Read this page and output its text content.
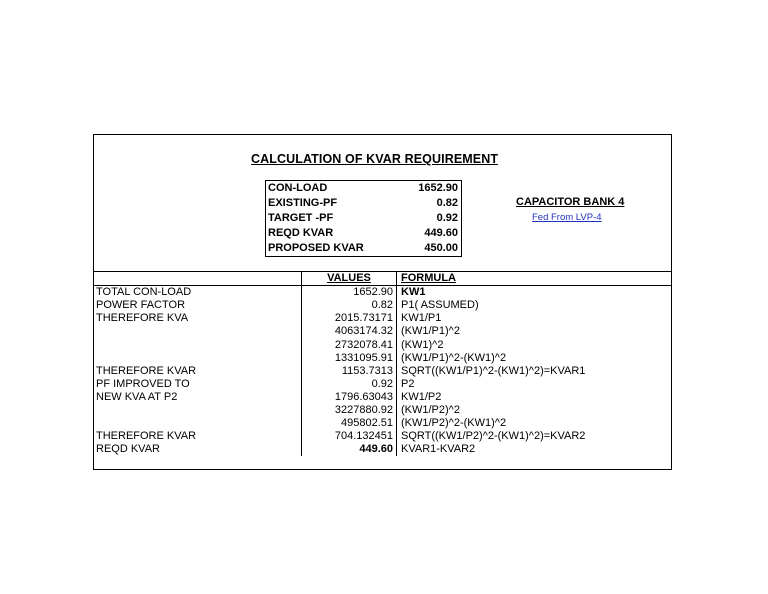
CALCULATION OF KVAR REQUIREMENT
CON-LOAD	1652.90
EXISTING-PF	0.82
TARGET -PF	0.92
REQD KVAR	449.60
PROPOSED KVAR	450.00
CAPACITOR BANK 4
Fed From LVP-4
	VALUES	FORMULA
TOTAL CON-LOAD	1652.90	KW1
POWER FACTOR	0.82	P1( ASSUMED)
THEREFORE KVA	2015.73171	KW1/P1
	4063174.32	(KW1/P1)^2
	2732078.41	(KW1)^2
	1331095.91	(KW1/P1)^2-(KW1)^2
THEREFORE KVAR	1153.7313	SQRT((KW1/P1)^2-(KW1)^2)=KVAR1
PF IMPROVED TO	0.92	P2
NEW KVA AT P2	1796.63043	KW1/P2
	3227880.92	(KW1/P2)^2
	495802.51	(KW1/P2)^2-(KW1)^2
THEREFORE KVAR	704.132451	SQRT((KW1/P2)^2-(KW1)^2)=KVAR2
REQD KVAR	449.60	KVAR1-KVAR2
